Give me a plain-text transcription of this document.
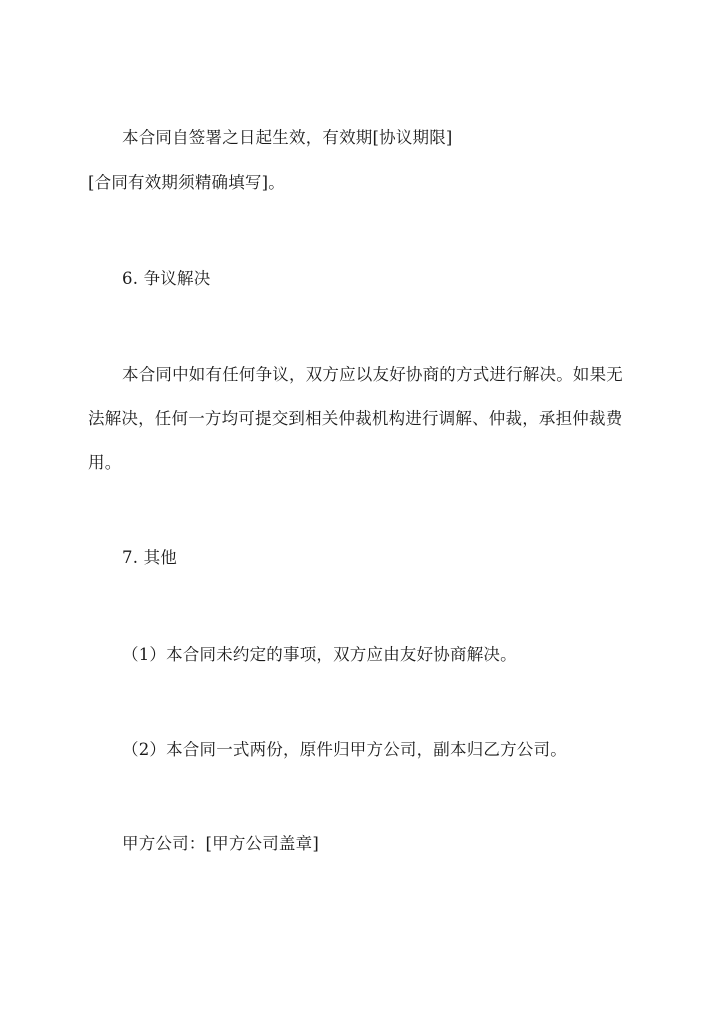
本合同自签署之日起生效，有效期[协议期限]
[合同有效期须精确填写]。
6. 争议解决
本合同中如有任何争议，双方应以友好协商的方式进行解决。如果无
法解决，任何一方均可提交到相关仲裁机构进行调解、仲裁，承担仲裁费
用。
7. 其他
（1）本合同未约定的事项，双方应由友好协商解决。
（2）本合同一式两份，原件归甲方公司，副本归乙方公司。
甲方公司：[甲方公司盖章]
